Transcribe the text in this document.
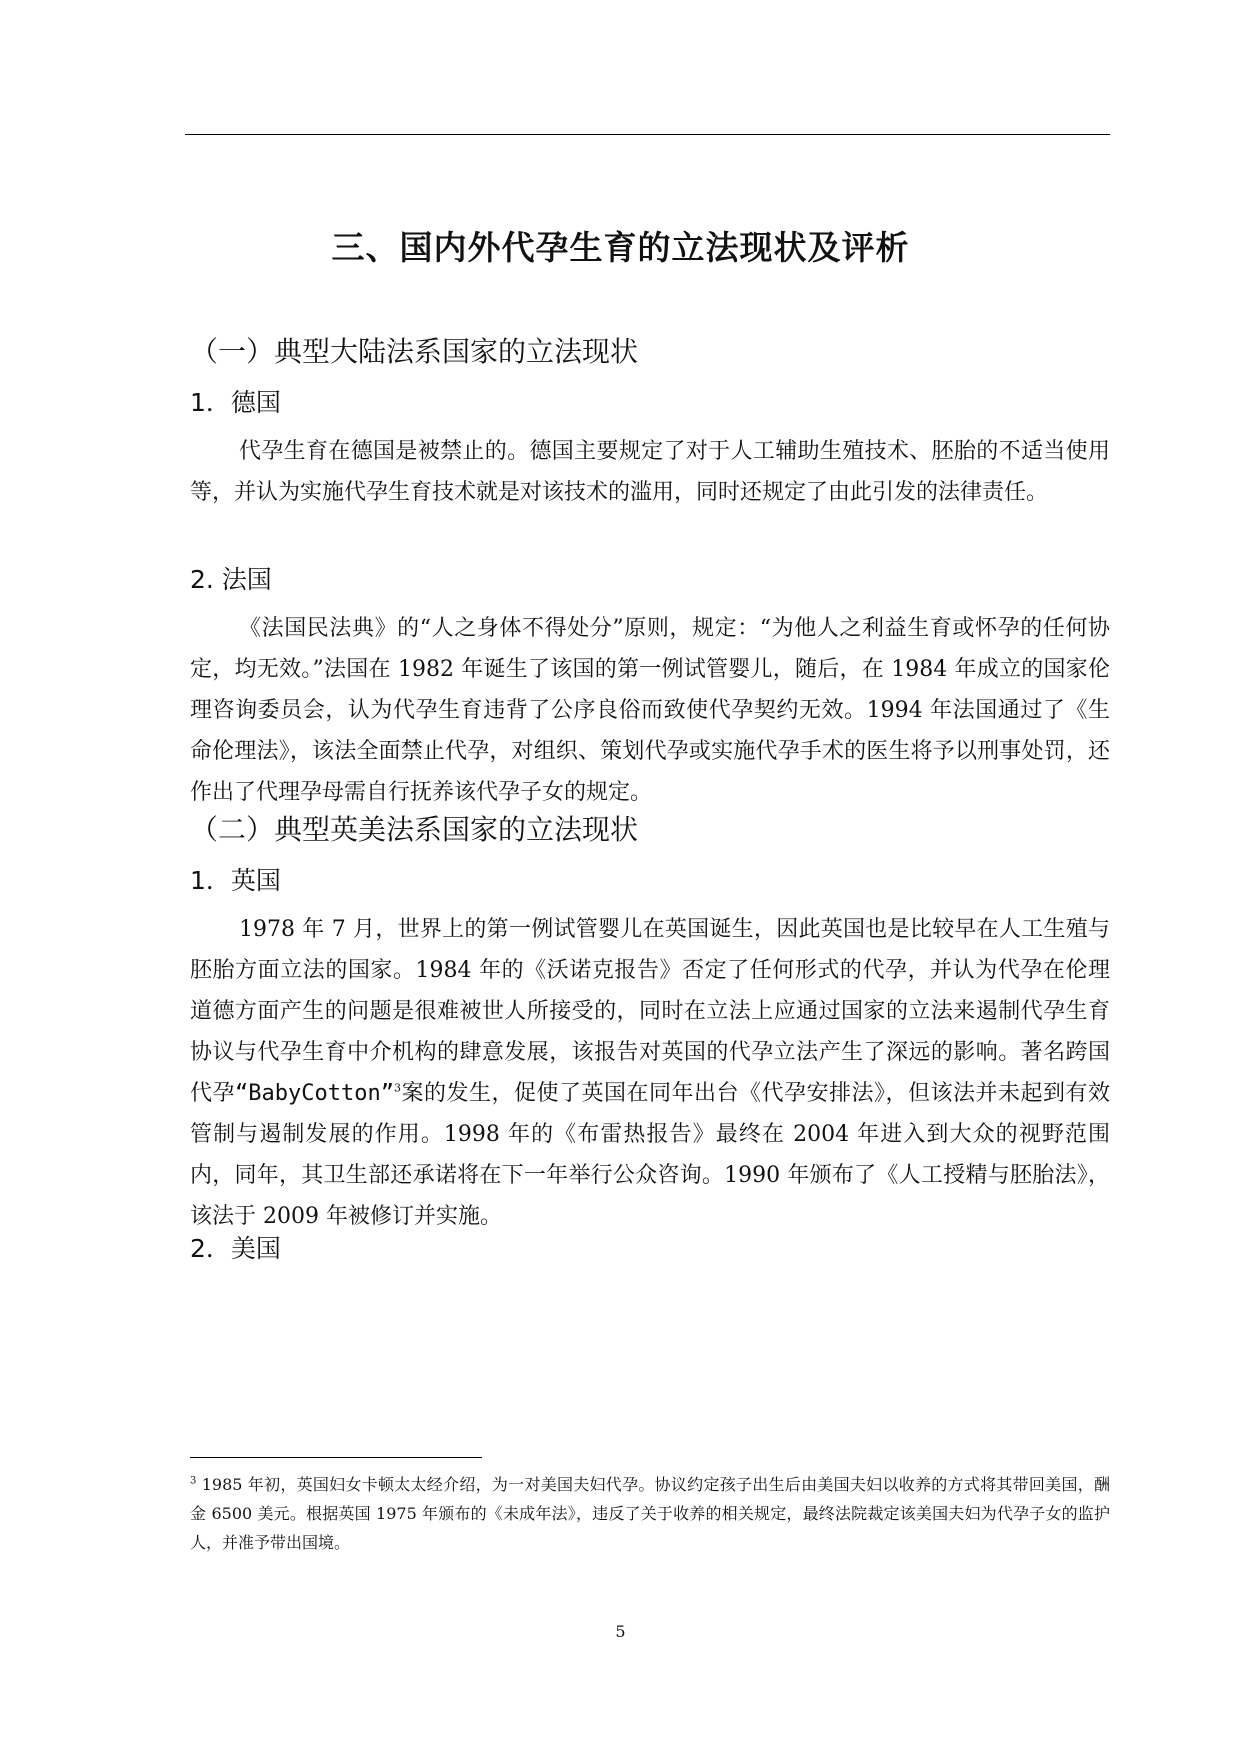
三、国内外代孕生育的立法现状及评析
（一）典型大陆法系国家的立法现状
1．德国

代孕生育在德国是被禁止的。德国主要规定了对于人工辅助生殖技术、胚胎的不适当使用等，并认为实施代孕生育技术就是对该技术的滥用，同时还规定了由此引发的法律责任。

2. 法国

《法国民法典》的“人之身体不得处分”原则，规定：“为他人之利益生育或怀孕的任何协定，均无效。”法国在 1982 年诞生了该国的第一例试管婴儿，随后，在 1984 年成立的国家伦理咨询委员会，认为代孕生育违背了公序良俗而致使代孕契约无效。1994 年法国通过了《生命伦理法》，该法全面禁止代孕，对组织、策划代孕或实施代孕手术的医生将予以刑事处罚，还作出了代理孕母需自行抚养该代孕子女的规定。

（二）典型英美法系国家的立法现状
1．英国

1978 年 7 月，世界上的第一例试管婴儿在英国诞生，因此英国也是比较早在人工生殖与胚胎方面立法的国家。1984 年的《沃诺克报告》否定了任何形式的代孕，并认为代孕在伦理道德方面产生的问题是很难被世人所接受的，同时在立法上应通过国家的立法来遏制代孕生育协议与代孕生育中介机构的肆意发展，该报告对英国的代孕立法产生了深远的影响。著名跨国代孕“BabyCotton”$^3$案的发生，促使了英国在同年出台《代孕安排法》，但该法并未起到有效管制与遏制发展的作用。1998 年的《布雷热报告》最终在 2004 年进入到大众的视野范围内，同年，其卫生部还承诺将在下一年举行公众咨询。1990 年颁布了《人工授精与胚胎法》，该法于 2009 年被修订并实施。

2．美国

$^3$ 1985 年初，英国妇女卡顿太太经介绍，为一对美国夫妇代孕。协议约定孩子出生后由美国夫妇以收养的方式将其带回美国，酬金 6500 美元。根据英国 1975 年颁布的《未成年法》，违反了关于收养的相关规定，最终法院裁定该美国夫妇为代孕子女的监护人，并准予带出国境。

5
